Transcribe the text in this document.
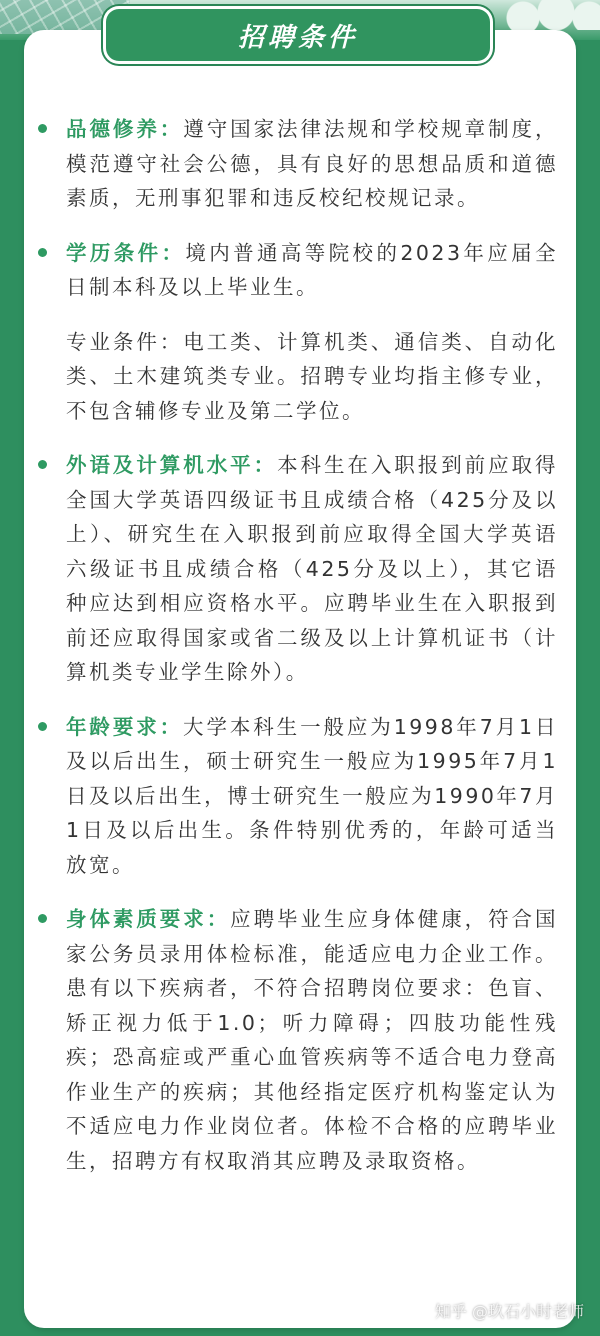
招聘条件

品德修养：遵守国家法律法规和学校规章制度，模范遵守社会公德，具有良好的思想品质和道德素质，无刑事犯罪和违反校纪校规记录。

学历条件：境内普通高等院校的2023年应届全日制本科及以上毕业生。

专业条件：电工类、计算机类、通信类、自动化类、土木建筑类专业。招聘专业均指主修专业，不包含辅修专业及第二学位。

外语及计算机水平：本科生在入职报到前应取得全国大学英语四级证书且成绩合格（425分及以上）、研究生在入职报到前应取得全国大学英语六级证书且成绩合格（425分及以上），其它语种应达到相应资格水平。应聘毕业生在入职报到前还应取得国家或省二级及以上计算机证书（计算机类专业学生除外）。

年龄要求：大学本科生一般应为1998年7月1日及以后出生，硕士研究生一般应为1995年7月1日及以后出生，博士研究生一般应为1990年7月1日及以后出生。条件特别优秀的，年龄可适当放宽。

身体素质要求：应聘毕业生应身体健康，符合国家公务员录用体检标准，能适应电力企业工作。患有以下疾病者，不符合招聘岗位要求：色盲、矫正视力低于1.0；听力障碍；四肢功能性残疾；恐高症或严重心血管疾病等不适合电力登高作业生产的疾病；其他经指定医疗机构鉴定认为不适应电力作业岗位者。体检不合格的应聘毕业生，招聘方有权取消其应聘及录取资格。

知乎 @玖石小时老师
